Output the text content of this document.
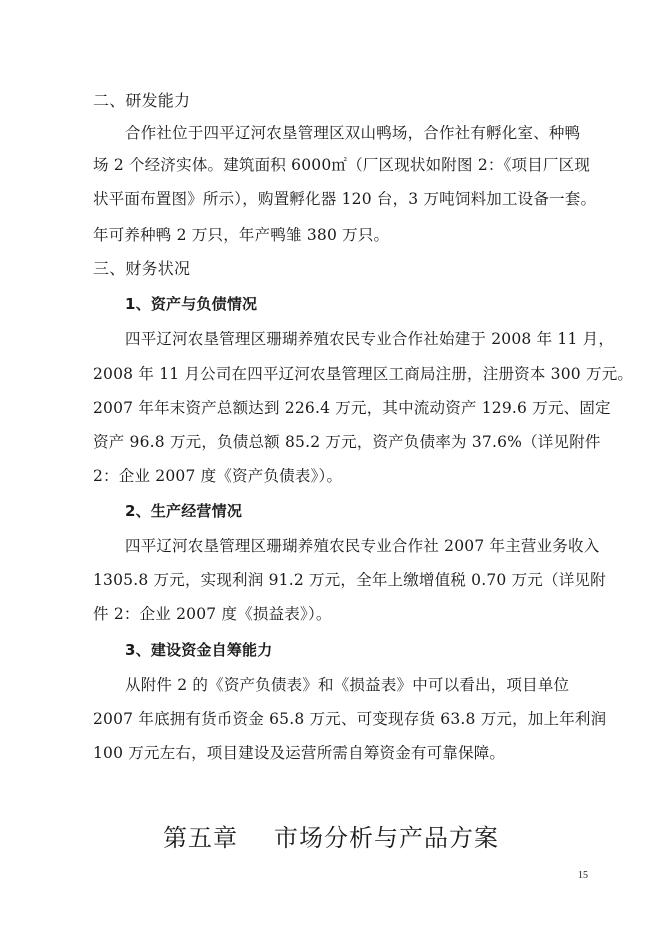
二、研发能力
合作社位于四平辽河农垦管理区双山鸭场，合作社有孵化室、种鸭
场 2 个经济实体。建筑面积 6000㎡（厂区现状如附图 2：《项目厂区现
状平面布置图》所示），购置孵化器 120 台，3 万吨饲料加工设备一套。
年可养种鸭 2 万只，年产鸭雏 380 万只。
三、财务状况
1、资产与负债情况
四平辽河农垦管理区珊瑚养殖农民专业合作社始建于 2008 年 11 月，
2008 年 11 月公司在四平辽河农垦管理区工商局注册，注册资本 300 万元。
2007 年年末资产总额达到 226.4 万元，其中流动资产 129.6 万元、固定
资产 96.8 万元，负债总额 85.2 万元，资产负债率为 37.6%（详见附件
2：企业 2007 度《资产负债表》）。
2、生产经营情况
四平辽河农垦管理区珊瑚养殖农民专业合作社 2007 年主营业务收入
1305.8 万元，实现利润 91.2 万元，全年上缴增值税 0.70 万元（详见附
件 2：企业 2007 度《损益表》）。
3、建设资金自筹能力
从附件 2 的《资产负债表》和《损益表》中可以看出，项目单位
2007 年底拥有货币资金 65.8 万元、可变现存货 63.8 万元，加上年利润
100 万元左右，项目建设及运营所需自筹资金有可靠保障。
第五章 市场分析与产品方案
15
